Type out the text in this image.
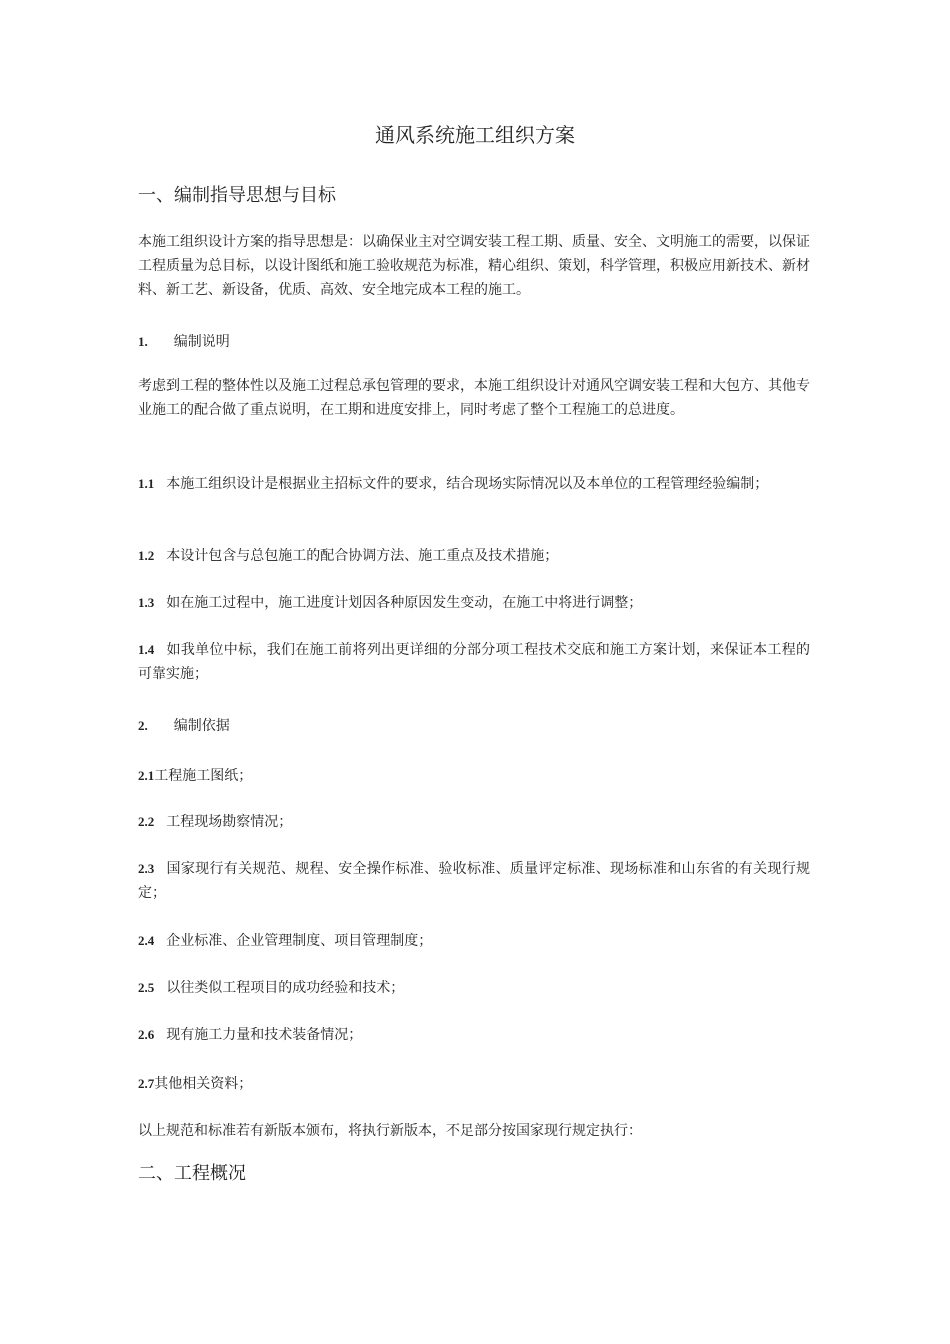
通风系统施工组织方案
一、编制指导思想与目标
本施工组织设计方案的指导思想是：以确保业主对空调安装工程工期、质量、安全、文明施工的需要，以保证工程质量为总目标，以设计图纸和施工验收规范为标准，精心组织、策划，科学管理，积极应用新技术、新材料、新工艺、新设备，优质、高效、安全地完成本工程的施工。
1. 编制说明
考虑到工程的整体性以及施工过程总承包管理的要求，本施工组织设计对通风空调安装工程和大包方、其他专业施工的配合做了重点说明，在工期和进度安排上，同时考虑了整个工程施工的总进度。
1.1 本施工组织设计是根据业主招标文件的要求，结合现场实际情况以及本单位的工程管理经验编制；
1.2 本设计包含与总包施工的配合协调方法、施工重点及技术措施；
1.3 如在施工过程中，施工进度计划因各种原因发生变动，在施工中将进行调整；
1.4 如我单位中标，我们在施工前将列出更详细的分部分项工程技术交底和施工方案计划，来保证本工程的可靠实施；
2. 编制依据
2.1工程施工图纸；
2.2 工程现场勘察情况；
2.3 国家现行有关规范、规程、安全操作标准、验收标准、质量评定标准、现场标准和山东省的有关现行规定；
2.4 企业标准、企业管理制度、项目管理制度；
2.5 以往类似工程项目的成功经验和技术；
2.6 现有施工力量和技术装备情况；
2.7其他相关资料；
以上规范和标准若有新版本颁布，将执行新版本，不足部分按国家现行规定执行：
二、工程概况
